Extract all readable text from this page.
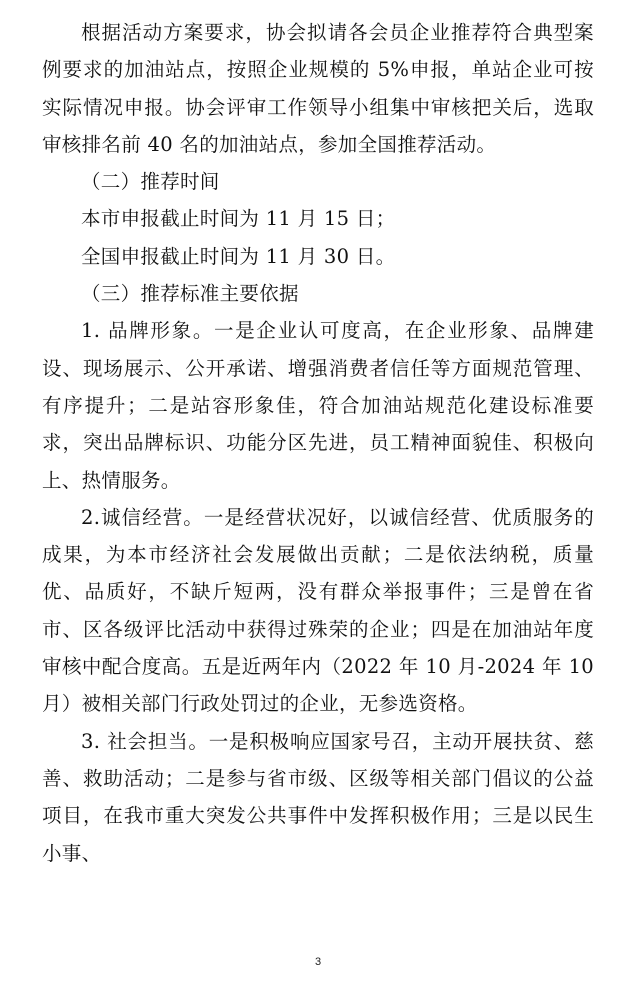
根据活动方案要求，协会拟请各会员企业推荐符合典型案例要求的加油站点，按照企业规模的 5%申报，单站企业可按实际情况申报。协会评审工作领导小组集中审核把关后，选取审核排名前 40 名的加油站点，参加全国推荐活动。

（二）推荐时间

本市申报截止时间为 11 月 15 日；

全国申报截止时间为 11 月 30 日。

（三）推荐标准主要依据

1. 品牌形象。一是企业认可度高，在企业形象、品牌建设、现场展示、公开承诺、增强消费者信任等方面规范管理、有序提升；二是站容形象佳，符合加油站规范化建设标准要求，突出品牌标识、功能分区先进，员工精神面貌佳、积极向上、热情服务。

2.诚信经营。一是经营状况好，以诚信经营、优质服务的成果，为本市经济社会发展做出贡献；二是依法纳税，质量优、品质好，不缺斤短两，没有群众举报事件；三是曾在省市、区各级评比活动中获得过殊荣的企业；四是在加油站年度审核中配合度高。五是近两年内（2022 年 10 月-2024 年 10 月）被相关部门行政处罚过的企业，无参选资格。

3. 社会担当。一是积极响应国家号召，主动开展扶贫、慈善、救助活动；二是参与省市级、区级等相关部门倡议的公益项目，在我市重大突发公共事件中发挥积极作用；三是以民生小事、

3
